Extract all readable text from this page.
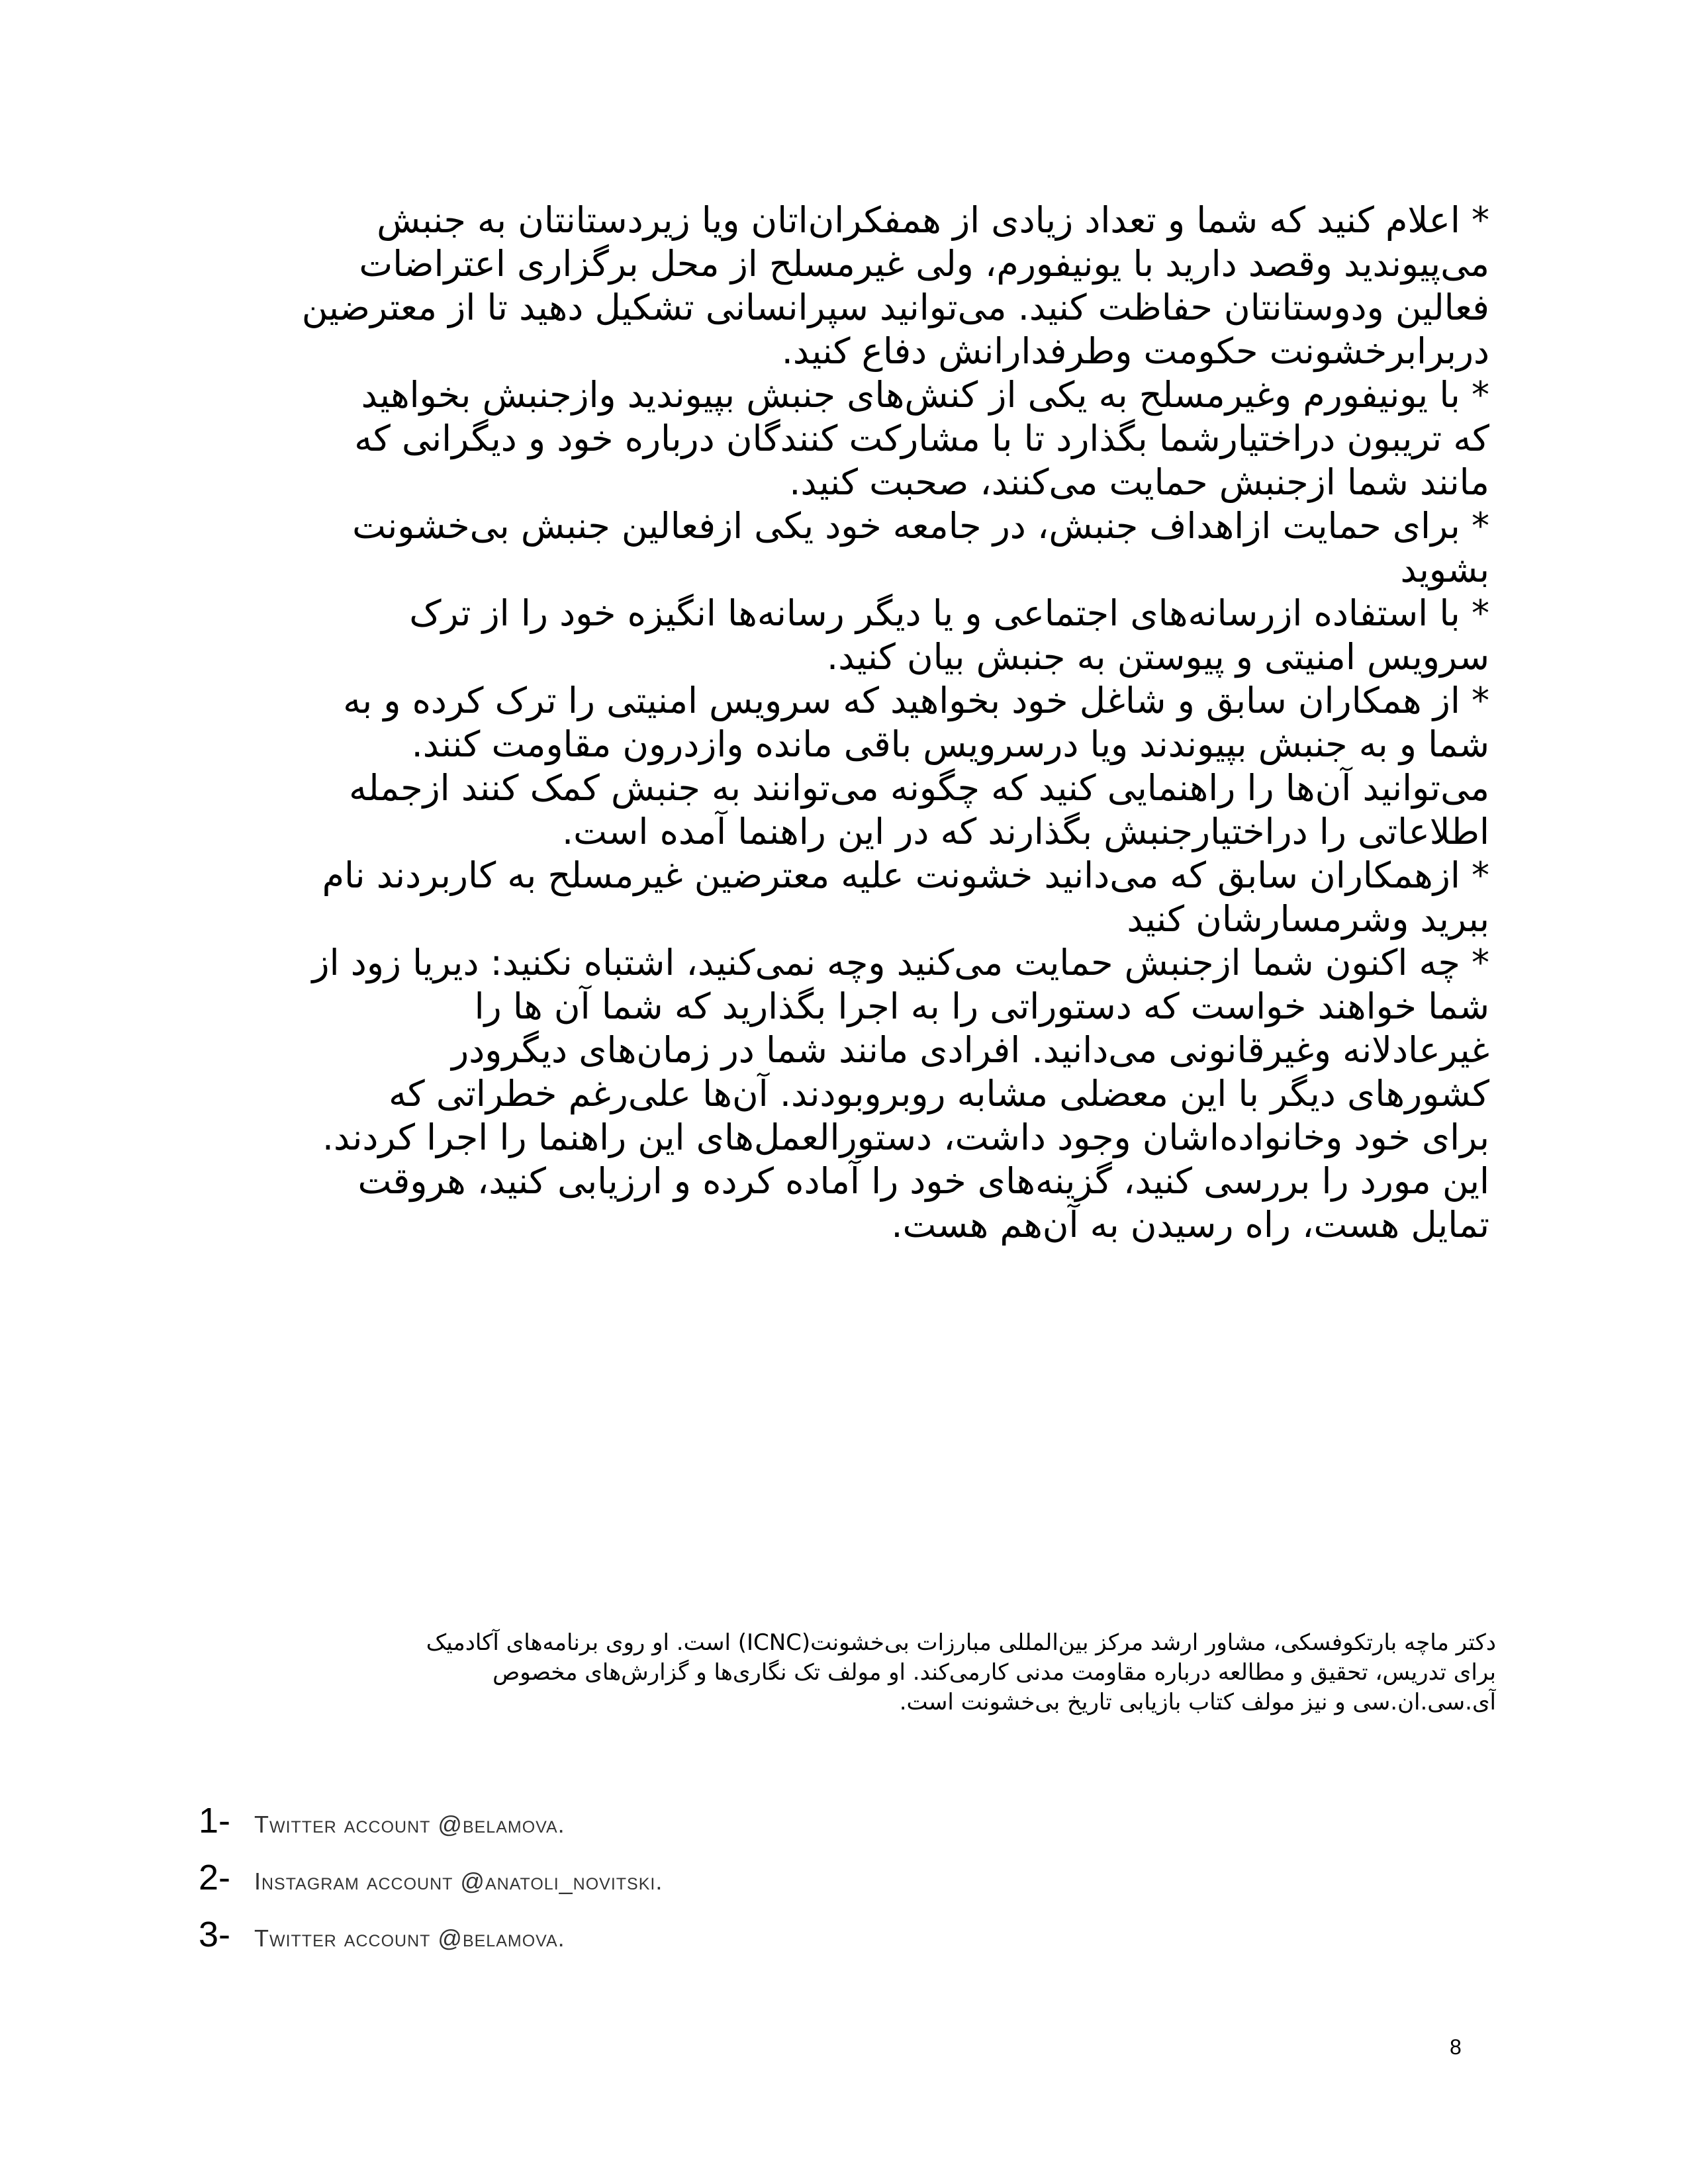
* اعلام کنید که شما و تعداد زیادی از همفکران‌اتان ویا زیردستانتان به جنبش
می‌پیوندید وقصد دارید با یونیفورم، ولی غیرمسلح از محل برگزاری اعتراضات
فعالین ودوستانتان حفاظت کنید. می‌توانید سپرانسانی تشکیل دهید تا از معترضین
دربرابرخشونت حکومت وطرفدارانش دفاع کنید.
* با یونیفورم وغیرمسلح به یکی از کنش‌های جنبش بپیوندید وازجنبش بخواهید
که تریبون دراختیارشما بگذارد تا با مشارکت کنندگان درباره خود و دیگرانی که
مانند شما ازجنبش حمایت می‌کنند، صحبت کنید.
* برای حمایت ازاهداف جنبش، در جامعه خود یکی ازفعالین جنبش بی‌خشونت
بشوید
* با استفاده ازرسانه‌های اجتماعی و یا دیگر رسانه‌ها انگیزه خود را از ترک
سرویس امنیتی و پیوستن به جنبش بیان کنید.
* از همکاران سابق و شاغل خود بخواهید که سرویس امنیتی را ترک کرده و به
شما و به جنبش بپیوندند ویا درسرویس باقی مانده وازدرون مقاومت کنند.
می‌توانید آن‌ها را راهنمایی کنید که چگونه می‌توانند به جنبش کمک کنند ازجمله
اطلاعاتی را دراختیارجنبش بگذارند که در این راهنما آمده است.
* ازهمکاران سابق که می‌دانید خشونت علیه معترضین غیرمسلح به کاربردند نام
ببرید وشرمسارشان کنید
* چه اکنون شما ازجنبش حمایت می‌کنید وچه نمی‌کنید، اشتباه نکنید: دیریا زود از
شما خواهند خواست که دستوراتی را به اجرا بگذارید که شما آن ها را
غیرعادلانه وغیرقانونی می‌دانید. افرادی مانند شما در زمان‌های دیگرودر
کشورهای دیگر با این معضلی مشابه روبروبودند. آن‌ها علی‌رغم خطراتی که
برای خود وخانواده‌اشان وجود داشت، دستورالعمل‌های این راهنما را اجرا کردند.
این مورد را بررسی کنید، گزینه‌های خود را آماده کرده و ارزیابی کنید، هروقت
تمایل هست، راه رسیدن به آن‌هم هست.
دکتر ماچه بارتکوفسکی، مشاور ارشد مرکز بین‌المللی مبارزات بی‌خشونت(ICNC) است. او روی برنامه‌های آکادمیک
برای تدریس، تحقیق و مطالعه درباره مقاومت مدنی کارمی‌کند. او مولف تک نگاری‌ها و گزارش‌های مخصوص
آی.سی.ان.سی و نیز مولف کتاب بازیابی تاریخ بی‌خشونت است.
1- Twitter account @belamova.
2- Instagram account @anatoli_novitski.
3- Twitter account @belamova.
8
